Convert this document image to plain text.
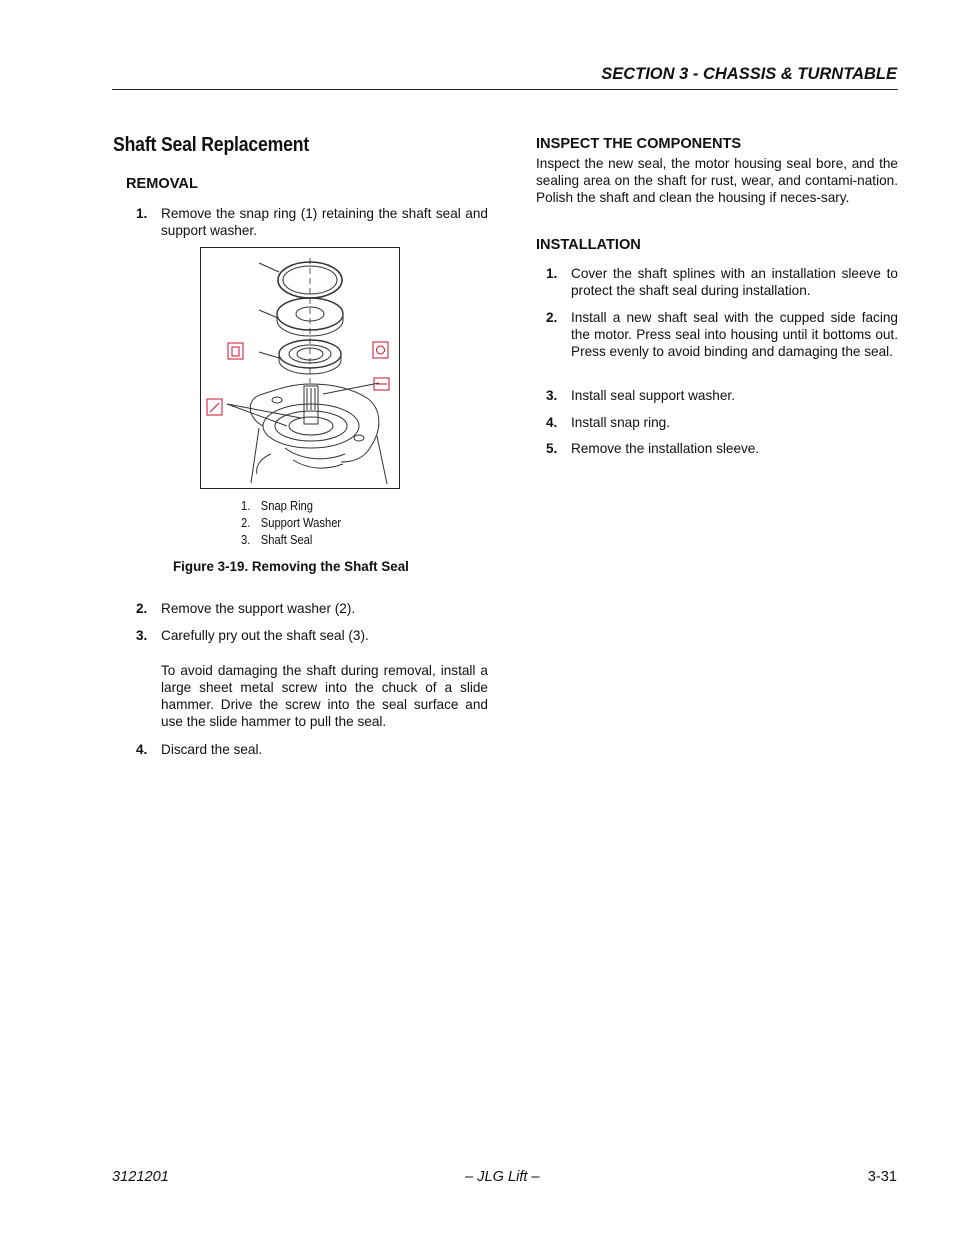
SECTION 3 - CHASSIS & TURNTABLE
Shaft Seal Replacement
REMOVAL
1. Remove the snap ring (1) retaining the shaft seal and support washer.
1. Snap Ring
2. Support Washer
3. Shaft Seal
Figure 3-19. Removing the Shaft Seal
2. Remove the support washer (2).
3. Carefully pry out the shaft seal (3).
To avoid damaging the shaft during removal, install a large sheet metal screw into the chuck of a slide hammer. Drive the screw into the seal surface and use the slide hammer to pull the seal.
4. Discard the seal.
INSPECT THE COMPONENTS
Inspect the new seal, the motor housing seal bore, and the sealing area on the shaft for rust, wear, and contami-nation. Polish the shaft and clean the housing if neces-sary.
INSTALLATION
1. Cover the shaft splines with an installation sleeve to protect the shaft seal during installation.
2. Install a new shaft seal with the cupped side facing the motor. Press seal into housing until it bottoms out. Press evenly to avoid binding and damaging the seal.
3. Install seal support washer.
4. Install snap ring.
5. Remove the installation sleeve.
3121201	– JLG Lift –	3-31
